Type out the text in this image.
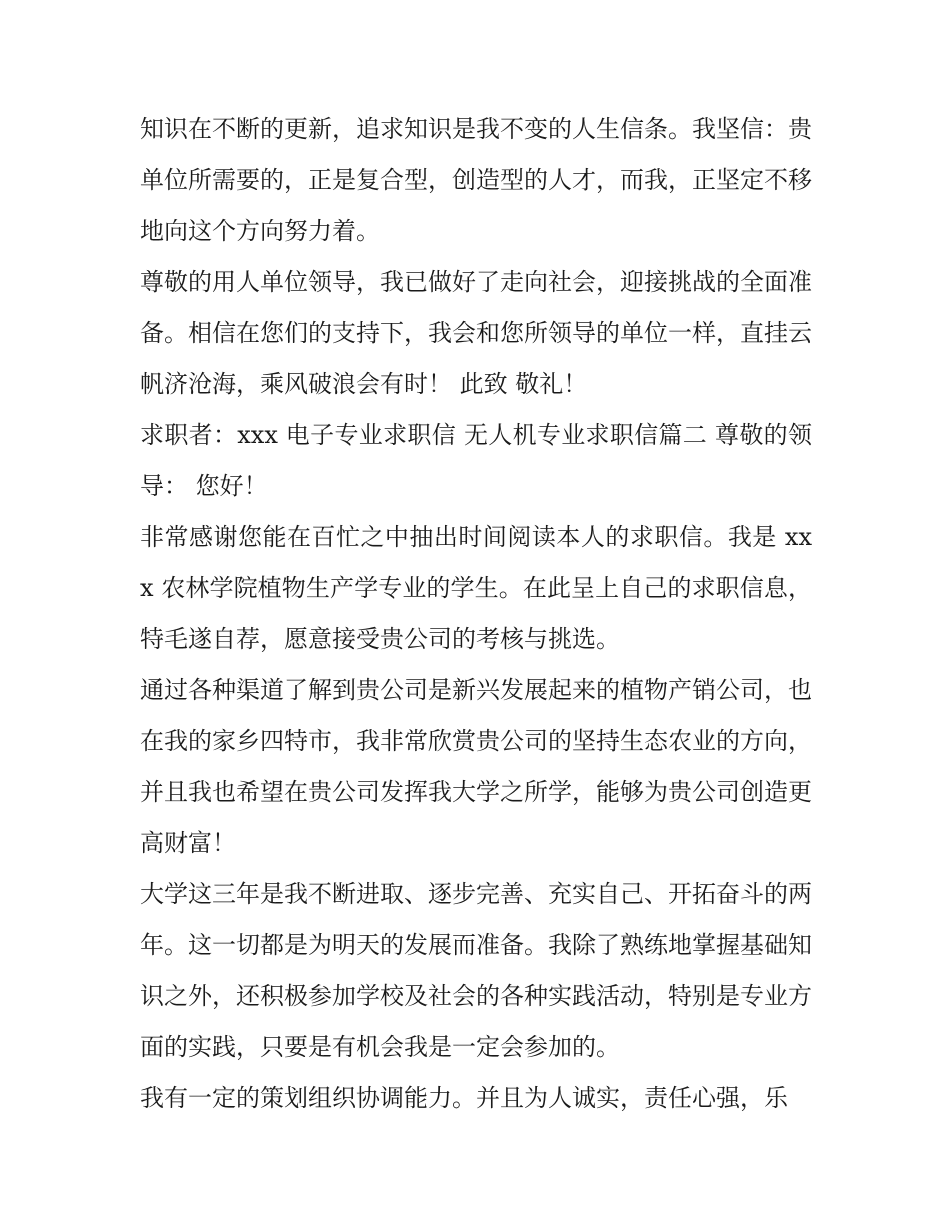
知识在不断的更新，追求知识是我不变的人生信条。我坚信：贵单位所需要的，正是复合型，创造型的人才，而我，正坚定不移地向这个方向努力着。

尊敬的用人单位领导，我已做好了走向社会，迎接挑战的全面准备。相信在您们的支持下，我会和您所领导的单位一样，直挂云帆济沧海，乘风破浪会有时！ 此致 敬礼！

求职者：xxx 电子专业求职信 无人机专业求职信篇二 尊敬的领导： 您好！

非常感谢您能在百忙之中抽出时间阅读本人的求职信。我是 xxx 农林学院植物生产学专业的学生。在此呈上自己的求职信息，特毛遂自荐，愿意接受贵公司的考核与挑选。

通过各种渠道了解到贵公司是新兴发展起来的植物产销公司，也在我的家乡四特市，我非常欣赏贵公司的坚持生态农业的方向，并且我也希望在贵公司发挥我大学之所学，能够为贵公司创造更高财富！

大学这三年是我不断进取、逐步完善、充实自己、开拓奋斗的两年。这一切都是为明天的发展而准备。我除了熟练地掌握基础知识之外，还积极参加学校及社会的各种实践活动，特别是专业方面的实践，只要是有机会我是一定会参加的。

我有一定的策划组织协调能力。并且为人诚实，责任心强，乐
